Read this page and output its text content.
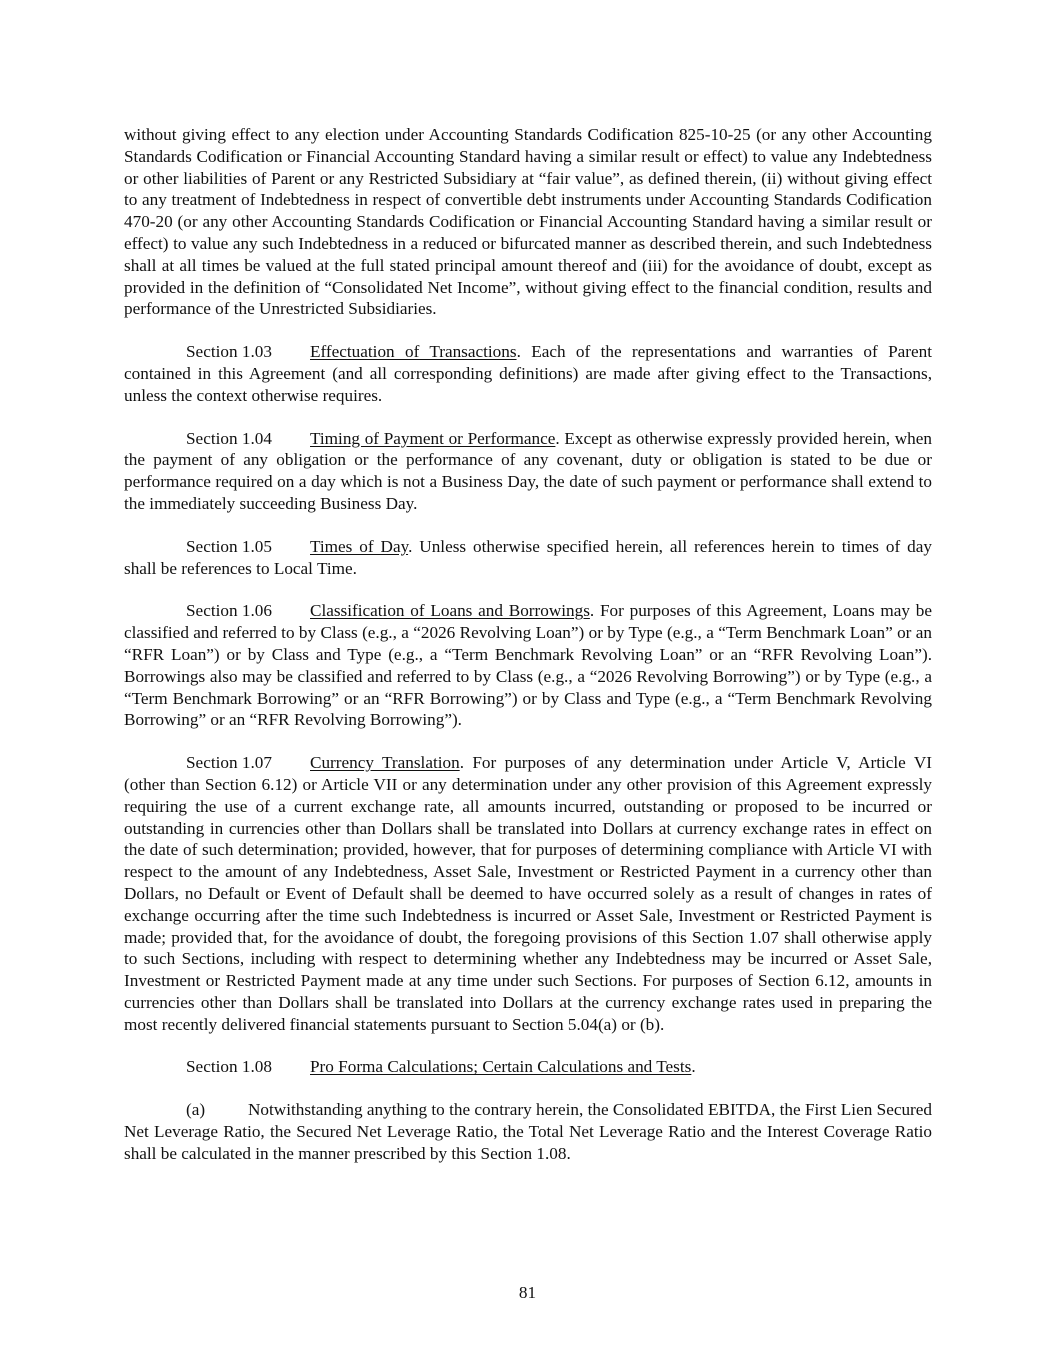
without giving effect to any election under Accounting Standards Codification 825-10-25 (or any other Accounting Standards Codification or Financial Accounting Standard having a similar result or effect) to value any Indebtedness or other liabilities of Parent or any Restricted Subsidiary at “fair value”, as defined therein, (ii) without giving effect to any treatment of Indebtedness in respect of convertible debt instruments under Accounting Standards Codification 470-20 (or any other Accounting Standards Codification or Financial Accounting Standard having a similar result or effect) to value any such Indebtedness in a reduced or bifurcated manner as described therein, and such Indebtedness shall at all times be valued at the full stated principal amount thereof and (iii) for the avoidance of doubt, except as provided in the definition of “Consolidated Net Income”, without giving effect to the financial condition, results and performance of the Unrestricted Subsidiaries.

Section 1.03 Effectuation of Transactions. Each of the representations and warranties of Parent contained in this Agreement (and all corresponding definitions) are made after giving effect to the Transactions, unless the context otherwise requires.

Section 1.04 Timing of Payment or Performance. Except as otherwise expressly provided herein, when the payment of any obligation or the performance of any covenant, duty or obligation is stated to be due or performance required on a day which is not a Business Day, the date of such payment or performance shall extend to the immediately succeeding Business Day.

Section 1.05 Times of Day. Unless otherwise specified herein, all references herein to times of day shall be references to Local Time.

Section 1.06 Classification of Loans and Borrowings. For purposes of this Agreement, Loans may be classified and referred to by Class (e.g., a “2026 Revolving Loan”) or by Type (e.g., a “Term Benchmark Loan” or an “RFR Loan”) or by Class and Type (e.g., a “Term Benchmark Revolving Loan” or an “RFR Revolving Loan”). Borrowings also may be classified and referred to by Class (e.g., a “2026 Revolving Borrowing”) or by Type (e.g., a “Term Benchmark Borrowing” or an “RFR Borrowing”) or by Class and Type (e.g., a “Term Benchmark Revolving Borrowing” or an “RFR Revolving Borrowing”).

Section 1.07 Currency Translation. For purposes of any determination under Article V, Article VI (other than Section 6.12) or Article VII or any determination under any other provision of this Agreement expressly requiring the use of a current exchange rate, all amounts incurred, outstanding or proposed to be incurred or outstanding in currencies other than Dollars shall be translated into Dollars at currency exchange rates in effect on the date of such determination; provided, however, that for purposes of determining compliance with Article VI with respect to the amount of any Indebtedness, Asset Sale, Investment or Restricted Payment in a currency other than Dollars, no Default or Event of Default shall be deemed to have occurred solely as a result of changes in rates of exchange occurring after the time such Indebtedness is incurred or Asset Sale, Investment or Restricted Payment is made; provided that, for the avoidance of doubt, the foregoing provisions of this Section 1.07 shall otherwise apply to such Sections, including with respect to determining whether any Indebtedness may be incurred or Asset Sale, Investment or Restricted Payment made at any time under such Sections. For purposes of Section 6.12, amounts in currencies other than Dollars shall be translated into Dollars at the currency exchange rates used in preparing the most recently delivered financial statements pursuant to Section 5.04(a) or (b).

Section 1.08 Pro Forma Calculations; Certain Calculations and Tests.

(a) Notwithstanding anything to the contrary herein, the Consolidated EBITDA, the First Lien Secured Net Leverage Ratio, the Secured Net Leverage Ratio, the Total Net Leverage Ratio and the Interest Coverage Ratio shall be calculated in the manner prescribed by this Section 1.08.

81
